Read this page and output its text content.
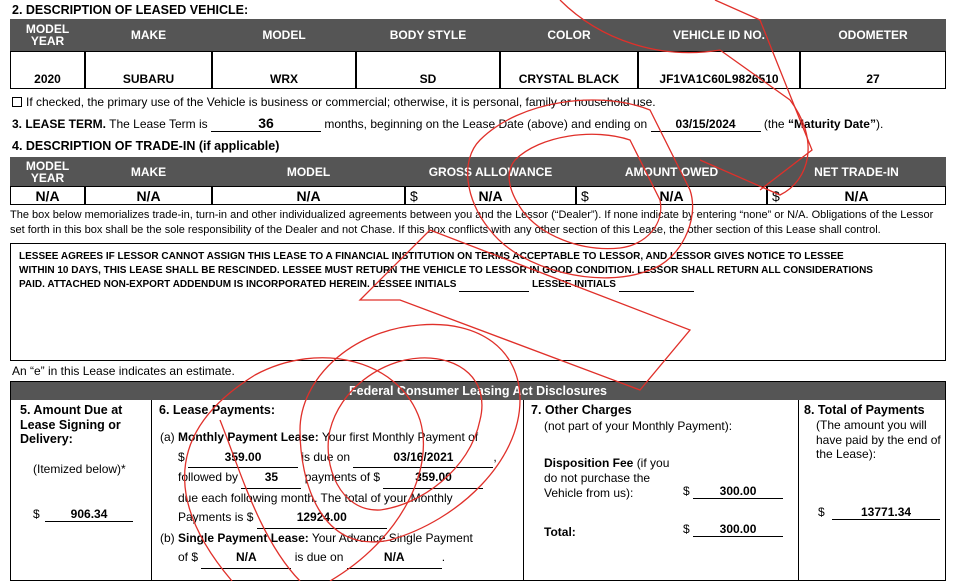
2. DESCRIPTION OF LEASED VEHICLE:
MODEL YEAR	MAKE	MODEL	BODY STYLE	COLOR	VEHICLE ID NO.	ODOMETER
2020	SUBARU	WRX	SD	CRYSTAL BLACK	JF1VA1C60L9826510	27
If checked, the primary use of the Vehicle is business or commercial; otherwise, it is personal, family or household use.
3. LEASE TERM. The Lease Term is	36	months, beginning on the Lease Date (above) and ending on 03/15/2024 (the “Maturity Date”).
4. DESCRIPTION OF TRADE-IN (if applicable)
MODEL YEAR	MAKE	MODEL	GROSS ALLOWANCE	AMOUNT OWED	NET TRADE-IN
N/A	N/A	N/A	$	N/A	$	N/A	$	N/A
The box below memorializes trade-in, turn-in and other individualized agreements between you and the Lessor (“Dealer”). If none indicate by entering “none” or N/A. Obligations of the Lessor set forth in this box shall be the sole responsibility of the Dealer and not Chase. If this box conflicts with any other section of this Lease, the other section of this Lease shall control.
LESSEE AGREES IF LESSOR CANNOT ASSIGN THIS LEASE TO A FINANCIAL INSTITUTION ON TERMS ACCEPTABLE TO LESSOR, AND LESSOR GIVES NOTICE TO LESSEE
WITHIN 10 DAYS, THIS LEASE SHALL BE RESCINDED. LESSEE MUST RETURN THE VEHICLE TO LESSOR IN GOOD CONDITION. LESSOR SHALL RETURN ALL CONSIDERATIONS
PAID. ATTACHED NON-EXPORT ADDENDUM IS INCORPORATED HEREIN. LESSEE INITIALS	LESSEE INITIALS
An “e” in this Lease indicates an estimate.
Federal Consumer Leasing Act Disclosures
5. Amount Due at Lease Signing or Delivery:
(Itemized below)*
$	906.34
6. Lease Payments:
(a) Monthly Payment Lease: Your first Monthly Payment of
$	359.00	is due on	03/16/2021	,
followed by 35 payments of $	359.00
due each following month. The total of your Monthly
Payments is $	12924.00
(b) Single Payment Lease: Your Advance Single Payment
of $	N/A	is due on	N/A	.
7. Other Charges
(not part of your Monthly Payment):
Disposition Fee (if you do not purchase the Vehicle from us):	$ 300.00
Total:	$ 300.00
8. Total of Payments
(The amount you will have paid by the end of the Lease):
$	13771.34
